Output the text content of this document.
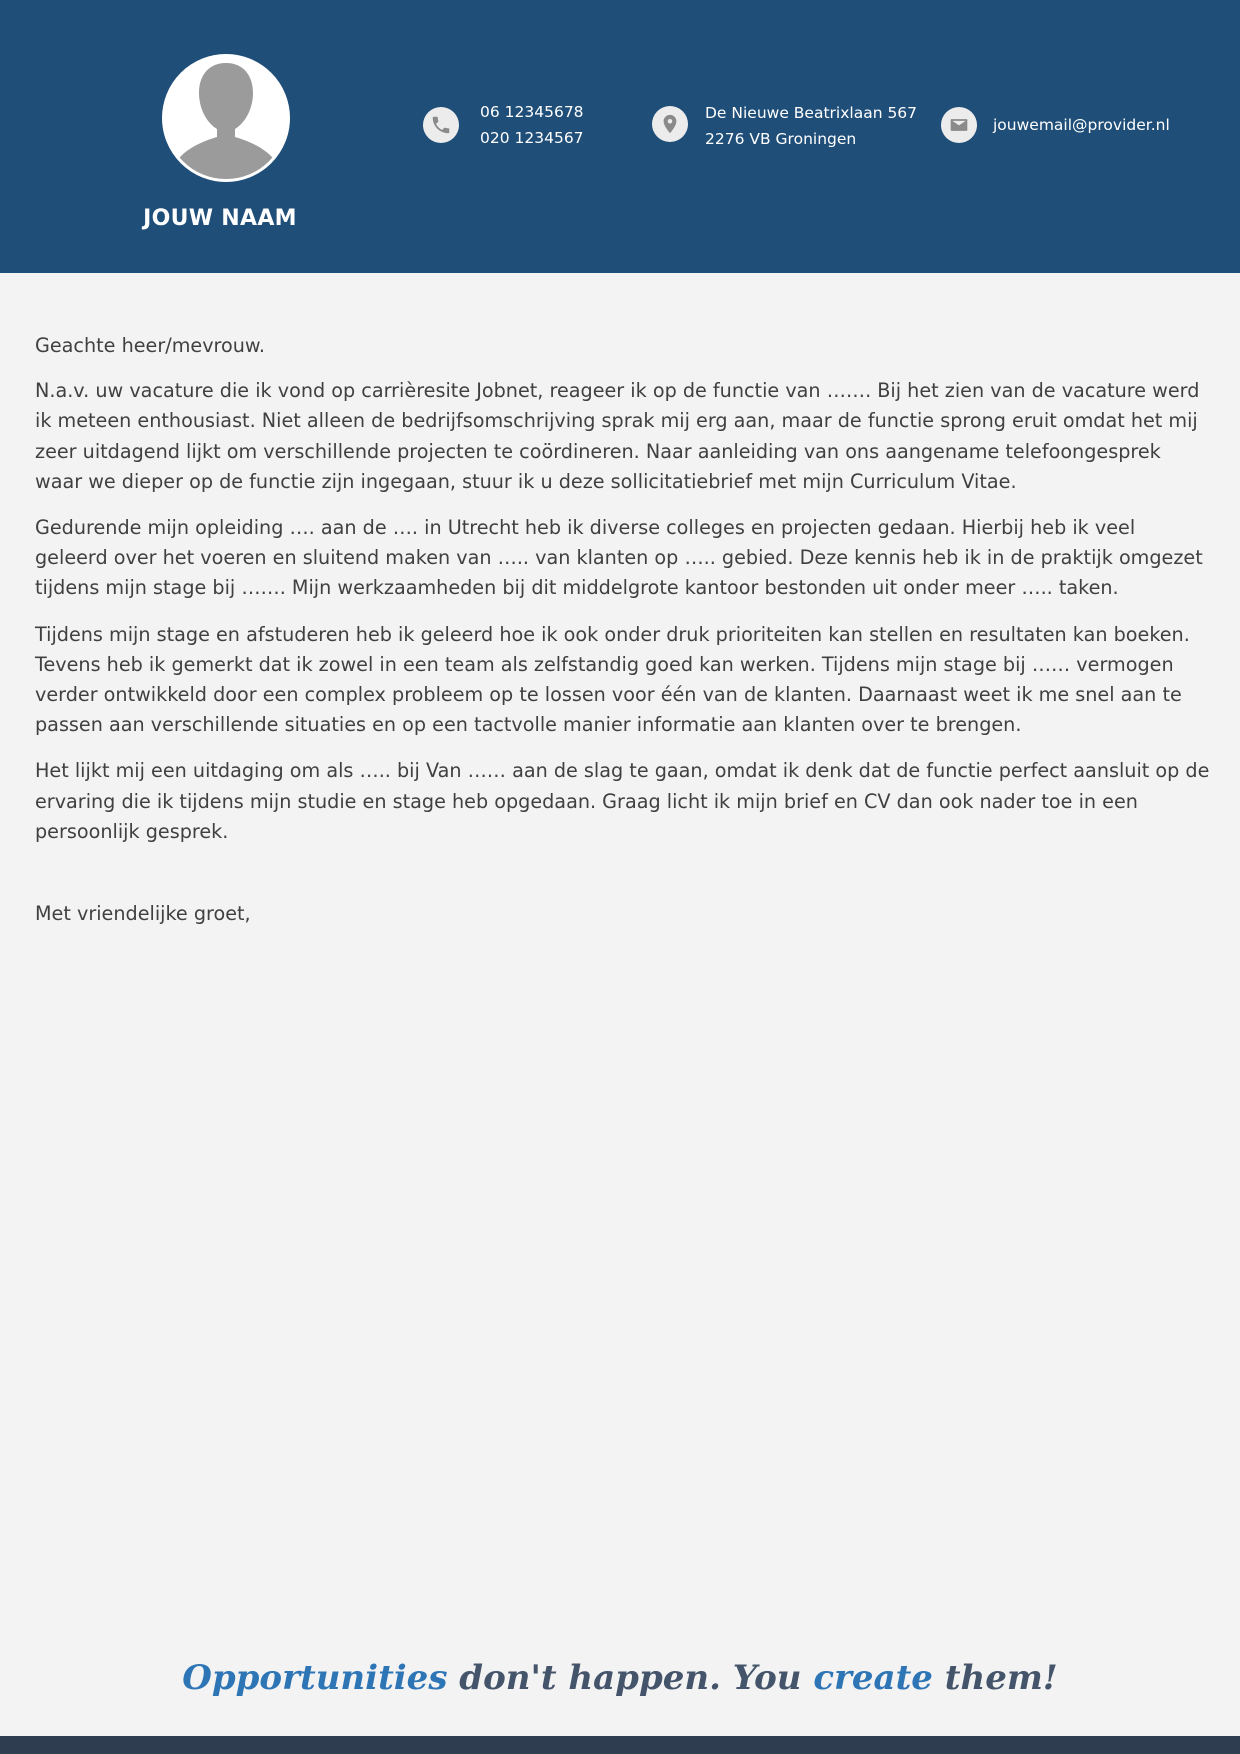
JOUW NAAM
06 12345678
020 1234567
De Nieuwe Beatrixlaan 567
2276 VB Groningen
jouwemail@provider.nl

Geachte heer/mevrouw.

N.a.v. uw vacature die ik vond op carrièresite Jobnet, reageer ik op de functie van ……. Bij het zien van de vacature werd ik meteen enthousiast. Niet alleen de bedrijfsomschrijving sprak mij erg aan, maar de functie sprong eruit omdat het mij zeer uitdagend lijkt om verschillende projecten te coördineren. Naar aanleiding van ons aangename telefoongesprek waar we dieper op de functie zijn ingegaan, stuur ik u deze sollicitatiebrief met mijn Curriculum Vitae.

Gedurende mijn opleiding …. aan de …. in Utrecht heb ik diverse colleges en projecten gedaan. Hierbij heb ik veel geleerd over het voeren en sluitend maken van ….. van klanten op ….. gebied. Deze kennis heb ik in de praktijk omgezet tijdens mijn stage bij ……. Mijn werkzaamheden bij dit middelgrote kantoor bestonden uit onder meer ….. taken.

Tijdens mijn stage en afstuderen heb ik geleerd hoe ik ook onder druk prioriteiten kan stellen en resultaten kan boeken. Tevens heb ik gemerkt dat ik zowel in een team als zelfstandig goed kan werken. Tijdens mijn stage bij …… vermogen verder ontwikkeld door een complex probleem op te lossen voor één van de klanten. Daarnaast weet ik me snel aan te passen aan verschillende situaties en op een tactvolle manier informatie aan klanten over te brengen.

Het lijkt mij een uitdaging om als ….. bij Van …… aan de slag te gaan, omdat ik denk dat de functie perfect aansluit op de ervaring die ik tijdens mijn studie en stage heb opgedaan. Graag licht ik mijn brief en CV dan ook nader toe in een persoonlijk gesprek.

Met vriendelijke groet,

Opportunities don't happen. You create them!
